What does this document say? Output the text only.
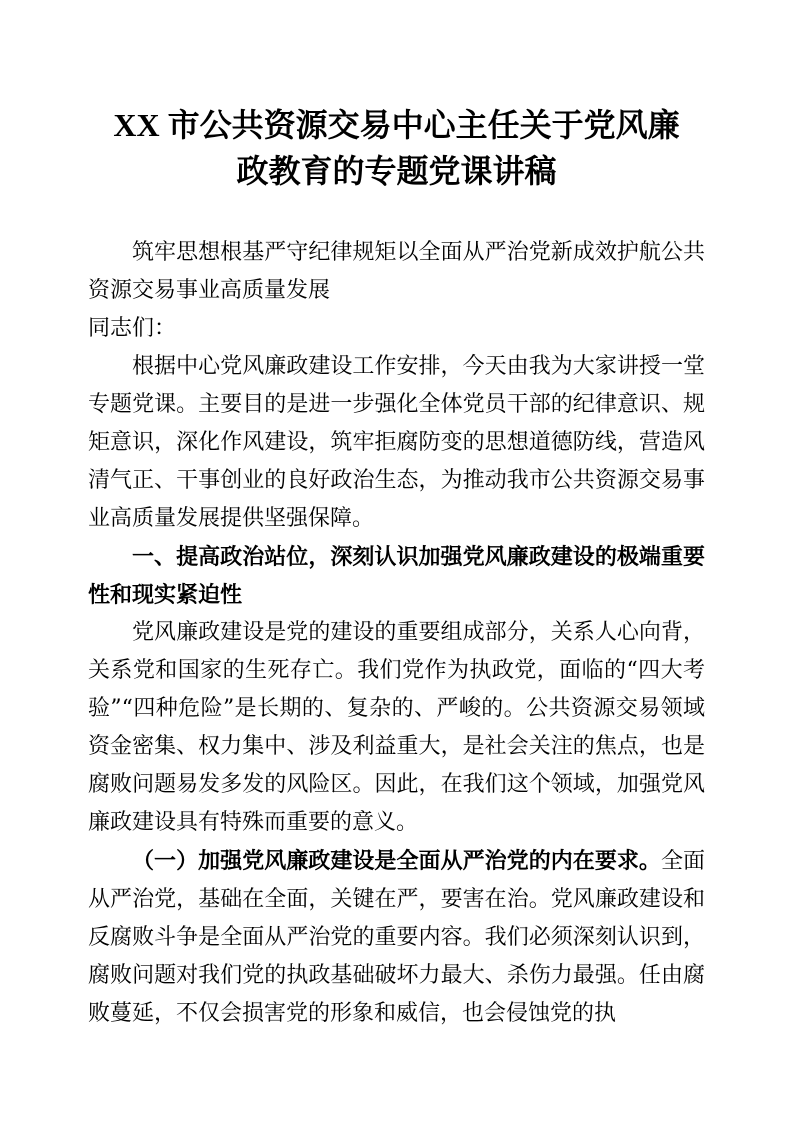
XX 市公共资源交易中心主任关于党风廉政教育的专题党课讲稿

筑牢思想根基严守纪律规矩以全面从严治党新成效护航公共资源交易事业高质量发展

同志们：

根据中心党风廉政建设工作安排，今天由我为大家讲授一堂专题党课。主要目的是进一步强化全体党员干部的纪律意识、规矩意识，深化作风建设，筑牢拒腐防变的思想道德防线，营造风清气正、干事创业的良好政治生态，为推动我市公共资源交易事业高质量发展提供坚强保障。

一、提高政治站位，深刻认识加强党风廉政建设的极端重要性和现实紧迫性

党风廉政建设是党的建设的重要组成部分，关系人心向背，关系党和国家的生死存亡。我们党作为执政党，面临的“四大考验”“四种危险”是长期的、复杂的、严峻的。公共资源交易领域资金密集、权力集中、涉及利益重大，是社会关注的焦点，也是腐败问题易发多发的风险区。因此，在我们这个领域，加强党风廉政建设具有特殊而重要的意义。

（一）加强党风廉政建设是全面从严治党的内在要求。全面从严治党，基础在全面，关键在严，要害在治。党风廉政建设和反腐败斗争是全面从严治党的重要内容。我们必须深刻认识到，腐败问题对我们党的执政基础破坏力最大、杀伤力最强。任由腐败蔓延，不仅会损害党的形象和威信，也会侵蚀党的执
